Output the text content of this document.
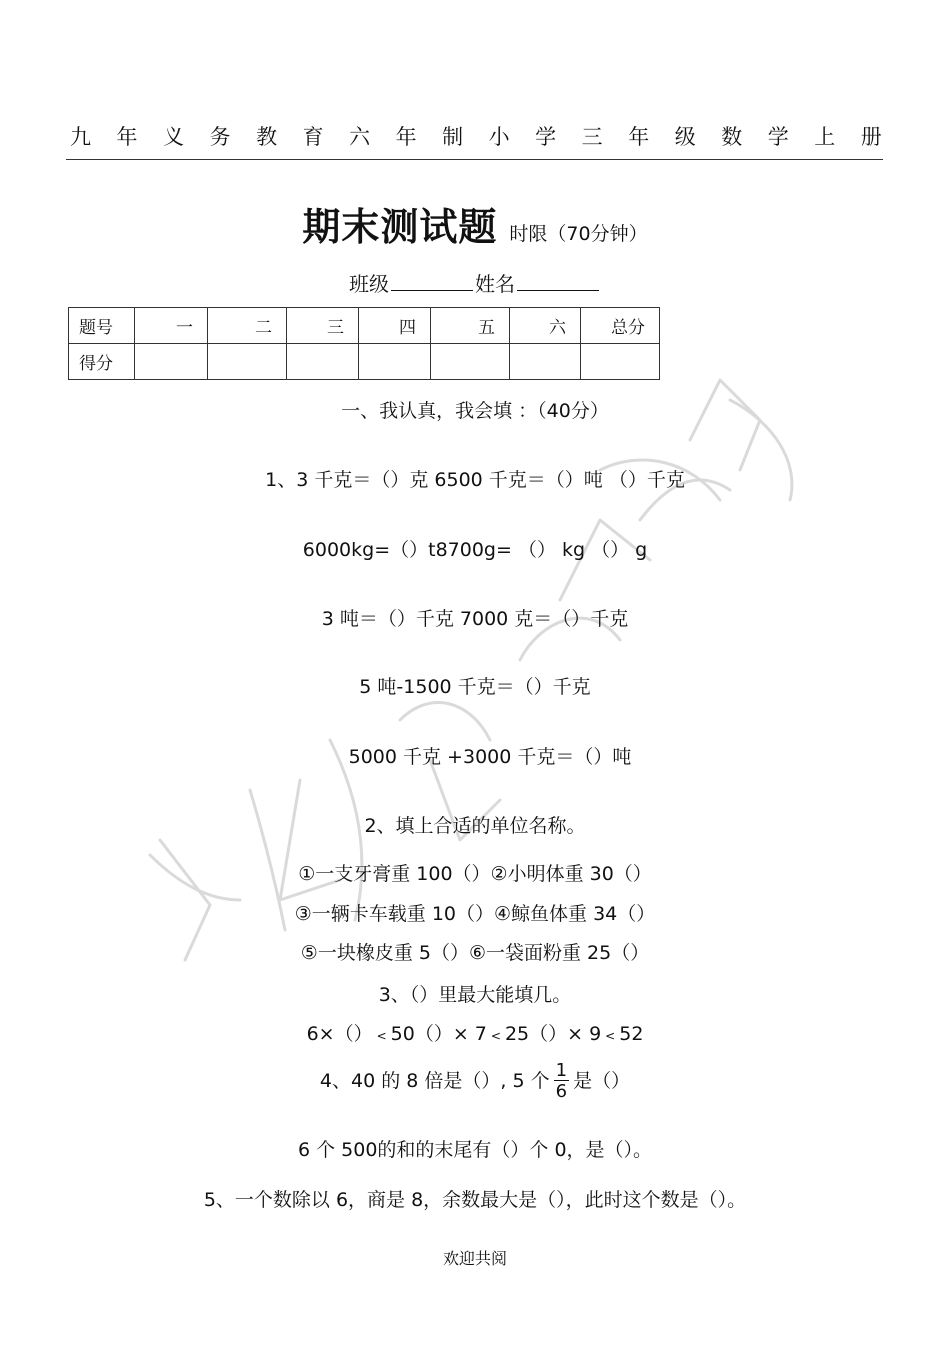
九 年 义 务 教 育 六 年 制 小 学 三 年 级 数 学 上 册
期末测试题 时限（70分钟）
班级	姓名
题号	一	二	三	四	五	六	总分
得分							
一、我认真，我会填 ：（40分）
1、3 千克＝（）克 6500 千克＝（）吨 （）千克
6000kg=（）t8700g= （） kg （） g
3 吨＝（）千克 7000 克＝（）千克
5 吨-1500 千克＝（）千克
5000 千克 +3000 千克＝（）吨
2、填上合适的单位名称。
①一支牙膏重 100（）②小明体重 30（）
③一辆卡车载重 10（）④鲸鱼体重 34（）
⑤一块橡皮重 5（）⑥一袋面粉重 25（）
3、（）里最大能填几。
6×（） < 50（）× 7 < 25（）× 9 < 52
4、40 的 8 倍是（）, 5 个 $\frac{1}{6}$ 是（）
6 个 500的和的末尾有（）个 0，是（）。
5、一个数除以 6，商是 8，余数最大是（），此时这个数是（）。
欢迎共阅
